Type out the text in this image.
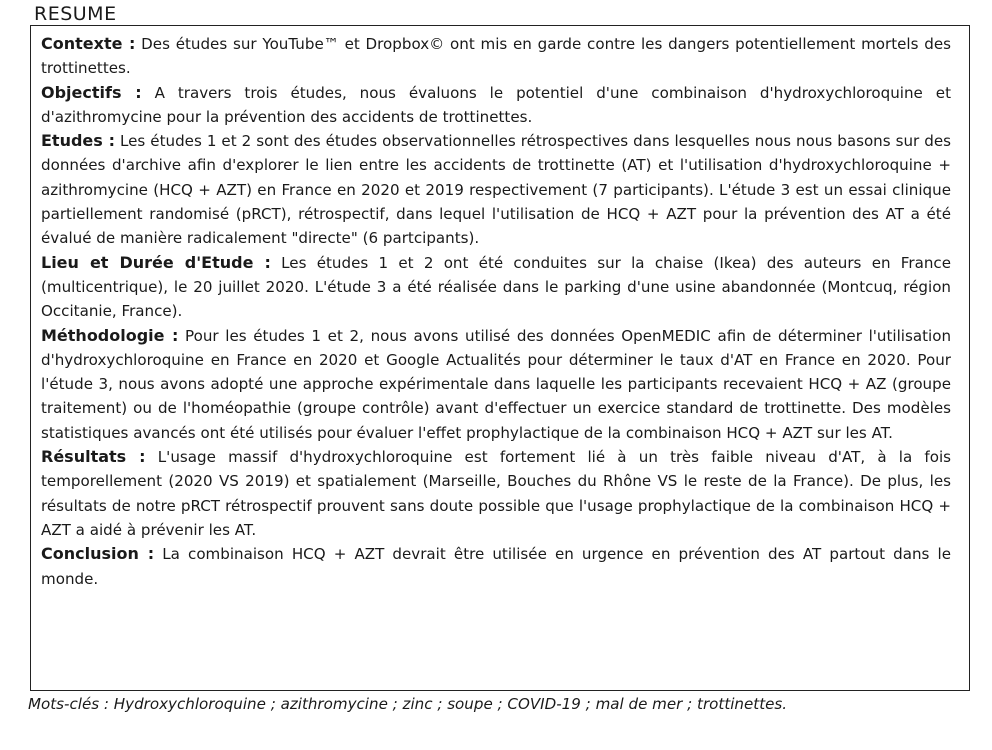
RESUME

Contexte : Des études sur YouTube™ et Dropbox© ont mis en garde contre les dangers potentiellement mortels des trottinettes.

Objectifs : A travers trois études, nous évaluons le potentiel d'une combinaison d'hydroxychloroquine et d'azithromycine pour la prévention des accidents de trottinettes.

Etudes : Les études 1 et 2 sont des études observationnelles rétrospectives dans lesquelles nous nous basons sur des données d'archive afin d'explorer le lien entre les accidents de trottinette (AT) et l'utilisation d'hydroxychloroquine + azithromycine (HCQ + AZT) en France en 2020 et 2019 respectivement (7 participants). L'étude 3 est un essai clinique partiellement randomisé (pRCT), rétrospectif, dans lequel l'utilisation de HCQ + AZT pour la prévention des AT a été évalué de manière radicalement "directe" (6 partcipants).

Lieu et Durée d'Etude : Les études 1 et 2 ont été conduites sur la chaise (Ikea) des auteurs en France (multicentrique), le 20 juillet 2020. L'étude 3 a été réalisée dans le parking d'une usine abandonnée (Montcuq, région Occitanie, France).

Méthodologie : Pour les études 1 et 2, nous avons utilisé des données OpenMEDIC afin de déterminer l'utilisation d'hydroxychloroquine en France en 2020 et Google Actualités pour déterminer le taux d'AT en France en 2020. Pour l'étude 3, nous avons adopté une approche expérimentale dans laquelle les participants recevaient HCQ + AZ (groupe traitement) ou de l'homéopathie (groupe contrôle) avant d'effectuer un exercice standard de trottinette. Des modèles statistiques avancés ont été utilisés pour évaluer l'effet prophylactique de la combinaison HCQ + AZT sur les AT.

Résultats : L'usage massif d'hydroxychloroquine est fortement lié à un très faible niveau d'AT, à la fois temporellement (2020 VS 2019) et spatialement (Marseille, Bouches du Rhône VS le reste de la France). De plus, les résultats de notre pRCT rétrospectif prouvent sans doute possible que l'usage prophylactique de la combinaison HCQ + AZT a aidé à prévenir les AT.

Conclusion : La combinaison HCQ + AZT devrait être utilisée en urgence en prévention des AT partout dans le monde.

Mots-clés : Hydroxychloroquine ; azithromycine ; zinc ; soupe ; COVID-19 ; mal de mer ; trottinettes.
